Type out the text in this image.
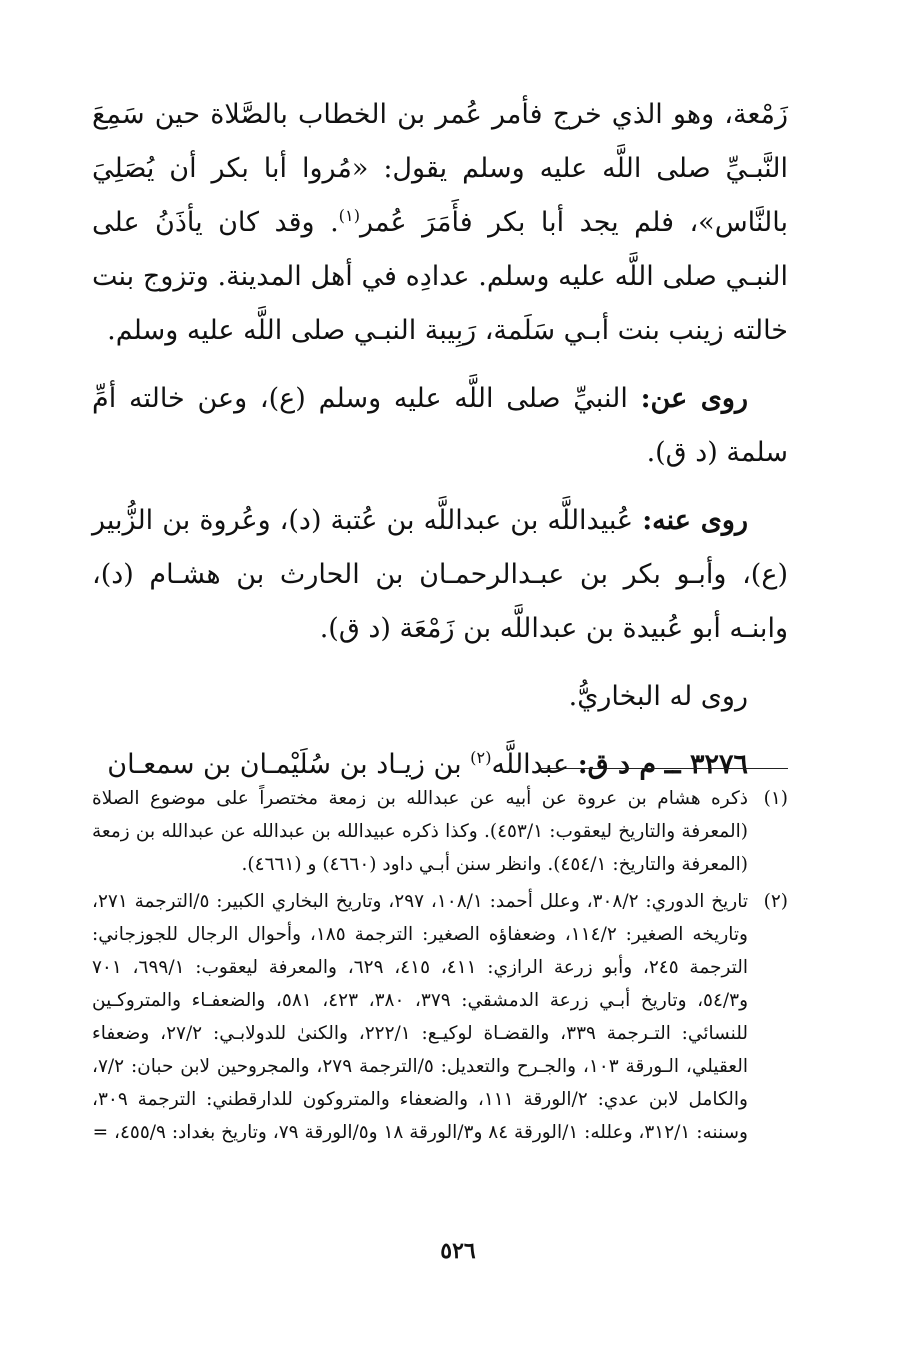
زَمْعة، وهو الذي خرج فأمر عُمر بن الخطاب بالصَّلاة حين سَمِعَ النَّبـيِّ صلى اللَّه عليه وسلم يقول: «مُروا أبا بكر أن يُصَلِيَ بالنَّاس»، فلم يجد أبا بكر فأَمَرَ عُمر$^{(١)}$. وقد كان يأذَنُ على النبـي صلى اللَّه عليه وسلم. عدادِه في أهل المدينة. وتزوج بنت خالته زينب بنت أبـي سَلَمة، رَبِيبة النبـي صلى اللَّه عليه وسلم.

روى عن: النبيِّ صلى اللَّه عليه وسلم (ع)، وعن خالته أمِّ سلمة (د ق).

روى عنه: عُبيداللَّه بن عبداللَّه بن عُتبة (د)، وعُروة بن الزُّبير (ع)، وأبـو بكر بن عبـدالرحمـان بن الحارث بن هشـام (د)، وابنـه أبو عُبيدة بن عبداللَّه بن زَمْعَة (د ق).

روى له البخاريُّ.

٣٢٧٦ ــ م د ق: عبداللَّه$^{(٢)}$ بن زيـاد بن سُلَيْمـان بن سمعـان

(١)
ذكره هشام بن عروة عن أبيه عن عبدالله بن زمعة مختصراً على موضوع الصلاة (المعرفة والتاريخ ليعقوب: ٤٥٣/١). وكذا ذكره عبيدالله بن عبدالله عن عبدالله بن زمعة (المعرفة والتاريخ: ٤٥٤/١). وانظر سنن أبـي داود (٤٦٦٠) و (٤٦٦١).

(٢)
تاريخ الدوري: ٣٠٨/٢، وعلل أحمد: ١٠٨/١، ٢٩٧، وتاريخ البخاري الكبير: ٥/الترجمة ٢٧١، وتاريخه الصغير: ١١٤/٢، وضعفاؤه الصغير: الترجمة ١٨٥، وأحوال الرجال للجوزجاني: الترجمة ٢٤٥، وأبو زرعة الرازي: ٤١١، ٤١٥، ٦٢٩، والمعرفة ليعقوب: ٦٩٩/١، ٧٠١ و٥٤/٣، وتاريخ أبـي زرعة الدمشقي: ٣٧٩، ٣٨٠، ٤٢٣، ٥٨١، والضعفـاء والمتروكـين للنسائي: التـرجمة ٣٣٩، والقضـاة لوكيـع: ٢٢٢/١، والكنىٰ للدولابـي: ٢٧/٢، وضعفاء العقيلي، الـورقة ١٠٣، والجـرح والتعديل: ٥/الترجمة ٢٧٩، والمجروحين لابن حبان: ٧/٢، والكامل لابن عدي: ٢/الورقة ١١١، والضعفاء والمتروكون للدارقطني: الترجمة ٣٠٩، وسننه: ٣١٢/١، وعلله: ١/الورقة ٨٤ و٣/الورقة ١٨ و٥/الورقة ٧٩، وتاريخ بغداد: ٤٥٥/٩، =

٥٢٦
